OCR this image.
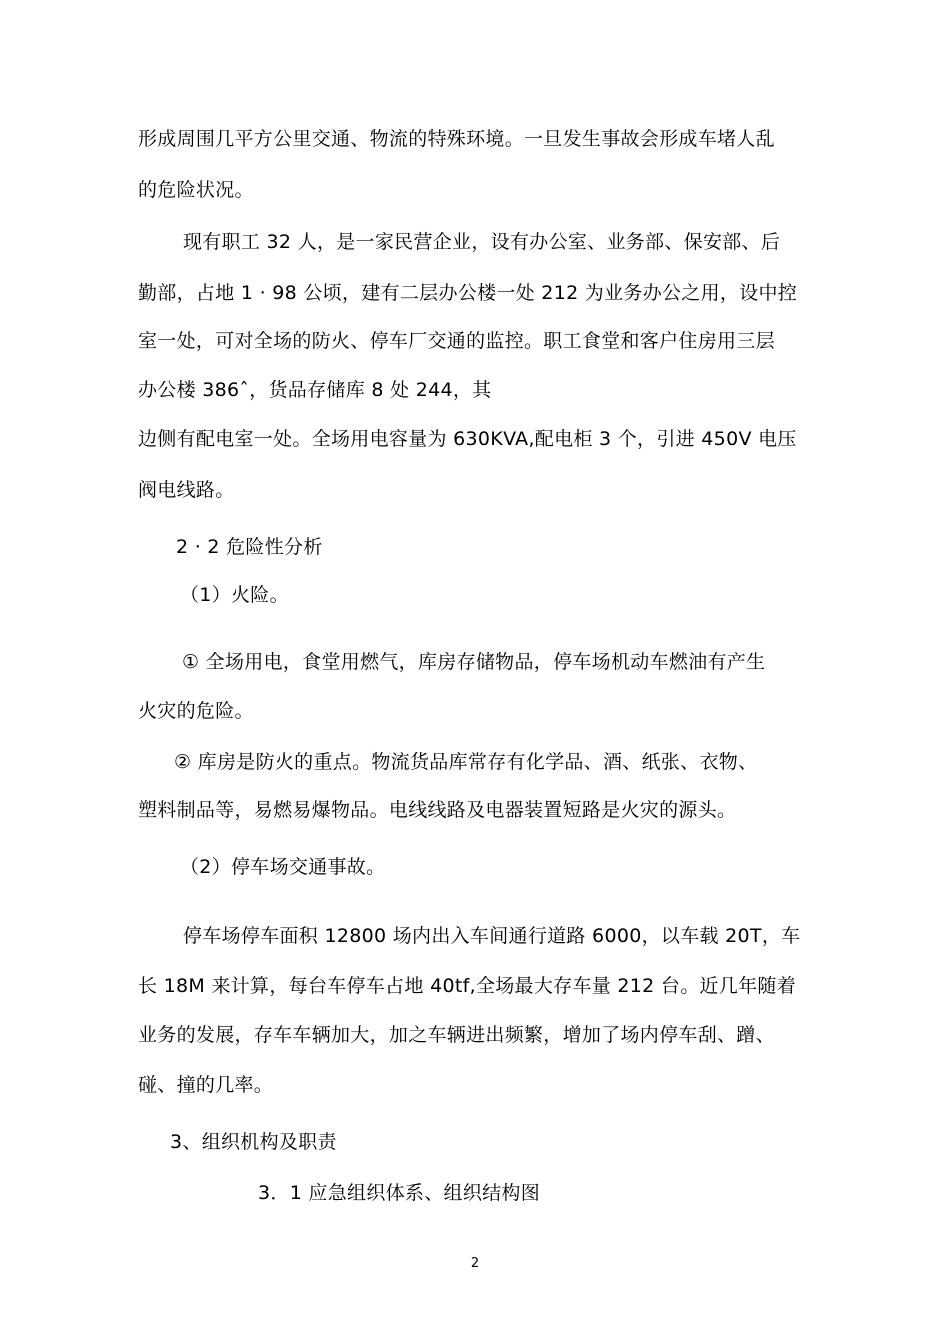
形成周围几平方公里交通、物流的特殊环境。一旦发生事故会形成车堵人乱
的危险状况。
现有职工 32 人，是一家民营企业，设有办公室、业务部、保安部、后
勤部，占地 1 · 98 公顷，建有二层办公楼一处 212 为业务办公之用，设中控
室一处，可对全场的防火、停车厂交通的监控。职工食堂和客户住房用三层
办公楼 386ˆ，货品存储库 8 处 244，其
边侧有配电室一处。全场用电容量为 630KVA,配电柜 3 个，引进 450V 电压
阀电线路。
2 · 2 危险性分析
（1）火险。
① 全场用电，食堂用燃气，库房存储物品，停车场机动车燃油有产生
火灾的危险。
② 库房是防火的重点。物流货品库常存有化学品、酒、纸张、衣物、
塑料制品等，易燃易爆物品。电线线路及电器装置短路是火灾的源头。
（2）停车场交通事故。
停车场停车面积 12800 场内出入车间通行道路 6000，以车载 20T，车
长 18M 来计算，每台车停车占地 40tf,全场最大存车量 212 台。近几年随着
业务的发展，存车车辆加大，加之车辆进出频繁，增加了场内停车刮、蹭、
碰、撞的几率。
3、组织机构及职责
3．1 应急组织体系、组织结构图
2
